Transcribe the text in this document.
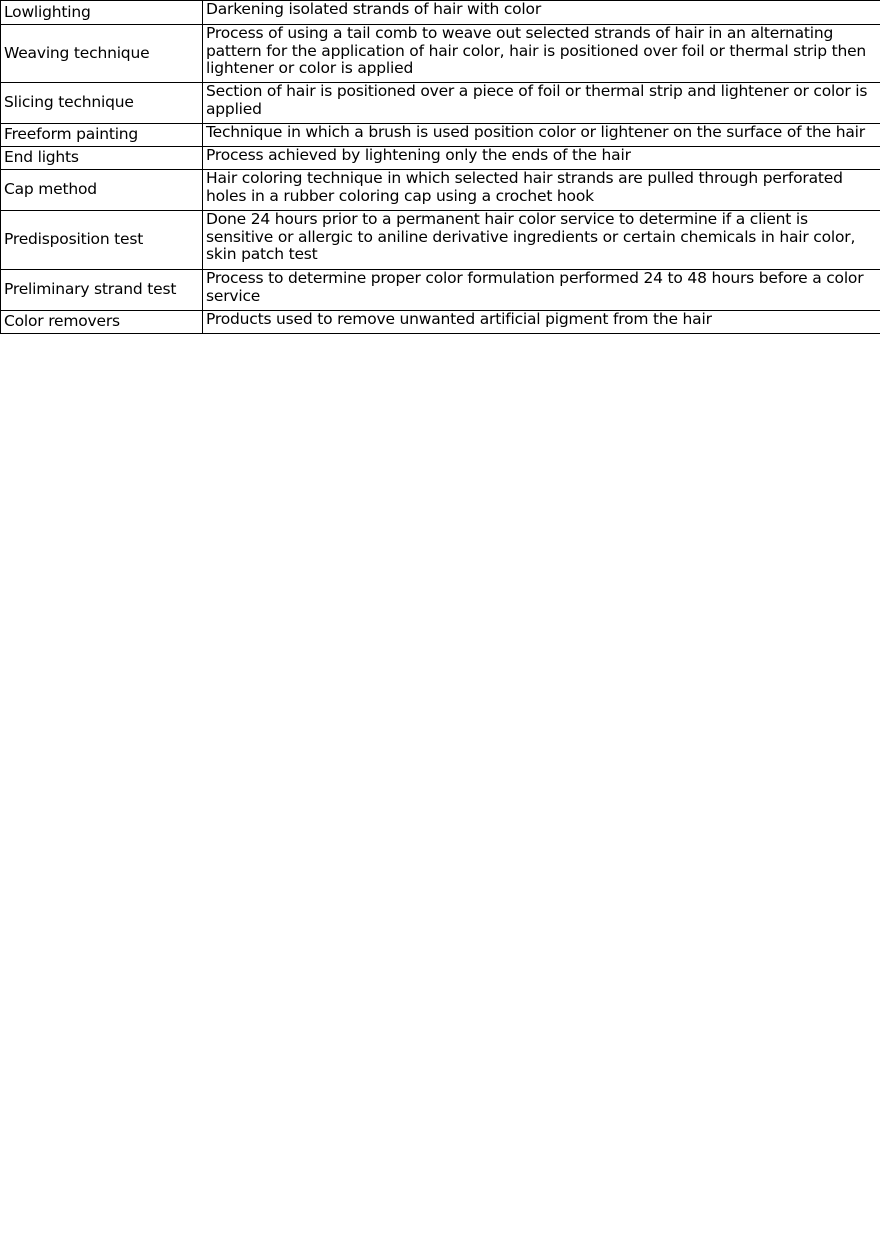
Lowlighting	Darkening isolated strands of hair with color
Weaving technique	Process of using a tail comb to weave out selected strands of hair in an alternating pattern for the application of hair color, hair is positioned over foil or thermal strip then lightener or color is applied
Slicing technique	Section of hair is positioned over a piece of foil or thermal strip and lightener or color is applied
Freeform painting	Technique in which a brush is used position color or lightener on the surface of the hair
End lights	Process achieved by lightening only the ends of the hair
Cap method	Hair coloring technique in which selected hair strands are pulled through perforated holes in a rubber coloring cap using a crochet hook
Predisposition test	Done 24 hours prior to a permanent hair color service to determine if a client is sensitive or allergic to aniline derivative ingredients or certain chemicals in hair color, skin patch test
Preliminary strand test	Process to determine proper color formulation performed 24 to 48 hours before a color service
Color removers	Products used to remove unwanted artificial pigment from the hair
